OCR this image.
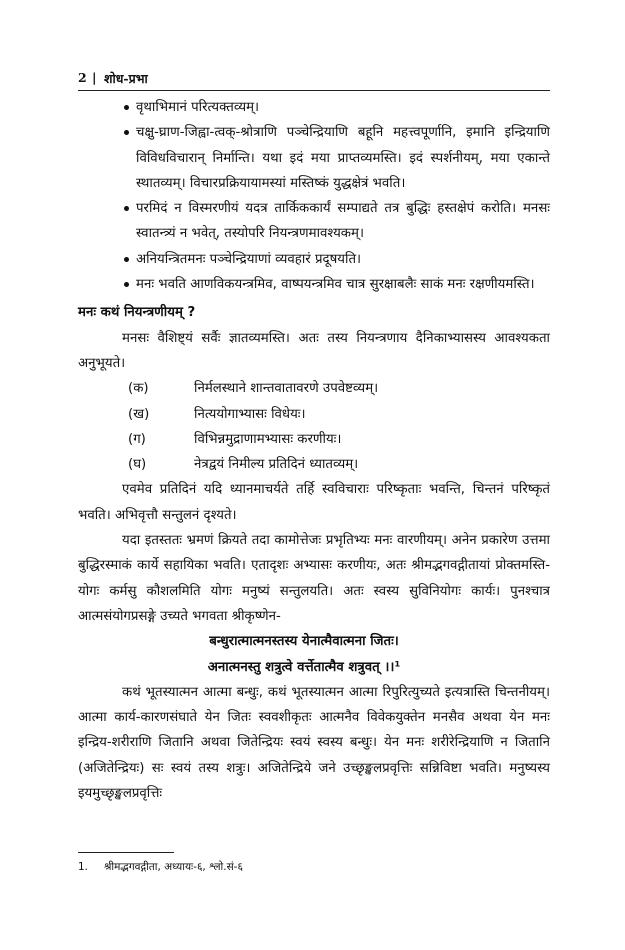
2 | शोध-प्रभा
वृथाभिमानं परित्यक्तव्यम्।
चक्षु-घ्राण-जिह्वा-त्वक्-श्रोत्राणि पञ्चेन्द्रियाणि बहूनि महत्त्वपूर्णानि, इमानि इन्द्रियाणि विविधविचारान् निर्मान्ति। यथा इदं मया प्राप्तव्यमस्ति। इदं स्पर्शनीयम्, मया एकान्ते स्थातव्यम्। विचारप्रक्रियायामस्यां मस्तिष्कं युद्धक्षेत्रं भवति।
परमिदं न विस्मरणीयं यदत्र तार्किककार्यं सम्पाद्यते तत्र बुद्धिः हस्तक्षेपं करोति। मनसः स्वातन्त्र्यं न भवेत्, तस्योपरि नियन्त्रणमावश्यकम्।
अनियन्त्रितमनः पञ्चेन्द्रियाणां व्यवहारं प्रदूषयति।
मनः भवति आणविकयन्त्रमिव, वाष्पयन्त्रमिव चात्र सुरक्षाबलैः साकं मनः रक्षणीयमस्ति।
मनः कथं नियन्त्रणीयम् ?
मनसः वैशिष्ट्यं सर्वैः ज्ञातव्यमस्ति। अतः तस्य नियन्त्रणाय दैनिकाभ्यासस्य आवश्यकता अनुभूयते।
(क)	निर्मलस्थाने शान्तवातावरणे उपवेष्टव्यम्।
(ख)	नित्ययोगाभ्यासः विधेयः।
(ग)	विभिन्नमुद्राणामभ्यासः करणीयः।
(घ)	नेत्रद्वयं निमील्य प्रतिदिनं ध्यातव्यम्।
एवमेव प्रतिदिनं यदि ध्यानमाचर्यते तर्हि स्वविचाराः परिष्कृताः भवन्ति, चिन्तनं परिष्कृतं भवति। अभिवृत्तौ सन्तुलनं दृश्यते।
यदा इतस्ततः भ्रमणं क्रियते तदा कामोत्तेजः प्रभृतिभ्यः मनः वारणीयम्। अनेन प्रकारेण उत्तमा बुद्धिरस्माकं कार्ये सहायिका भवति। एतादृशः अभ्यासः करणीयः, अतः श्रीमद्भगवद्गीतायां प्रोक्तमस्ति- योगः कर्मसु कौशलमिति योगः मनुष्यं सन्तुलयति। अतः स्वस्य सुविनियोगः कार्यः। पुनश्चात्र आत्मसंयोगप्रसङ्गे उच्यते भगवता श्रीकृष्णेन-
बन्धुरात्मात्मनस्तस्य येनात्मैवात्मना जितः।
अनात्मनस्तु शत्रुत्वे वर्त्तेतात्मैव शत्रुवत् ।।¹
कथं भूतस्यात्मन आत्मा बन्धुः, कथं भूतस्यात्मन आत्मा रिपुरित्युच्यते इत्यत्रास्ति चिन्तनीयम्। आत्मा कार्य-कारणसंघाते येन जितः स्ववशीकृतः आत्मनैव विवेकयुक्तेन मनसैव अथवा येन मनः इन्द्रिय-शरीराणि जितानि अथवा जितेन्द्रियः स्वयं स्वस्य बन्धुः। येन मनः शरीरेन्द्रियाणि न जितानि (अजितेन्द्रियः) सः स्वयं तस्य शत्रुः। अजितेन्द्रिये जने उच्छृङ्खलप्रवृत्तिः सन्निविष्टा भवति। मनुष्यस्य इयमुच्छृङ्खलप्रवृत्तिः
1. श्रीमद्भगवद्गीता, अध्यायः-६, श्लो.सं-६
